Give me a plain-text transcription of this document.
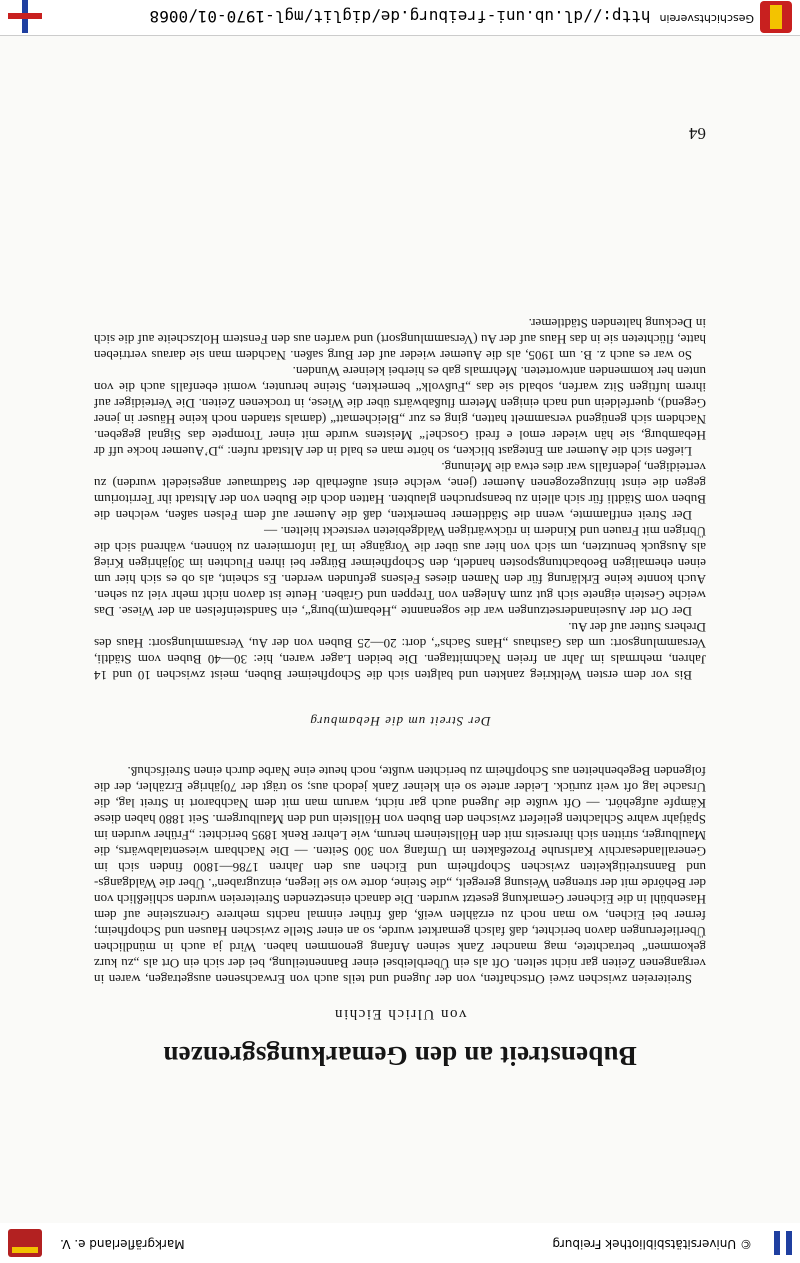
© Universitätsbibliothek Freiburg
Markgräflerland e. V.
Bubenstreit an den Gemarkungsgrenzen
von Ulrich Eichin

Streitereien zwischen zwei Ortschaften, von der Jugend und teils auch von Erwachsenen ausgetragen, waren in vergangenen Zeiten gar nicht selten. Oft als ein Überbleibsel einer Bannenteilung, bei der sich ein Ort als „zu kurz gekommen“ betrachtete, mag mancher Zank seinen Anfang genommen haben. Wird ja auch in mündlichen Überlieferungen davon berichtet, daß falsch gemarktet wurde, so an einer Stelle zwischen Hausen und Schopfheim; ferner bei Eichen, wo man noch zu erzählen weiß, daß früher einmal nachts mehrere Grenzsteine auf dem Hasenbühl in die Eichener Gemarkung gesetzt wurden. Die danach einsetzenden Streitereien wurden schließlich von der Behörde mit der strengen Weisung geregelt, „die Steine, dorte wo sie liegen, einzugraben“. Über die Waldgangs- und Bannstreitigkeiten zwischen Schopfheim und Eichen aus den Jahren 1786—1800 finden sich im Generallandesarchiv Karlsruhe Prozeßakten im Umfang von 300 Seiten. — Die Nachbarn wiesentalabwärts, die Maulburger, stritten sich ihrerseits mit den Höllsteinern herum, wie Lehrer Renk 1895 berichtet: „Früher wurden im Spätjahr wahre Schlachten geliefert zwischen den Buben von Höllstein und den Maulburgern. Seit 1880 haben diese Kämpfe aufgehört. — Oft wußte die Jugend auch gar nicht, warum man mit dem Nachbarort in Streit lag, die Ursache lag oft weit zurück. Leider artete so ein kleiner Zank jedoch aus; so trägt der 70jährige Erzähler, der die folgenden Begebenheiten aus Schopfheim zu berichten wußte, noch heute eine Narbe durch einen Streifschuß.

Der Streit um die Hebamburg

Bis vor dem ersten Weltkrieg zankten und balgten sich die Schopfheimer Buben, meist zwischen 10 und 14 Jahren, mehrmals im Jahr an freien Nachmittagen. Die beiden Lager waren, hie: 30—40 Buben vom Städtli, Versammlungsort: um das Gasthaus „Hans Sachs“, dort: 20—25 Buben von der Au, Versammlungsort: Haus des Drehers Sutter auf der Au.

Der Ort der Auseinandersetzungen war die sogenannte „Hebam(m)burg“, ein Sandsteinfelsen an der Wiese. Das weiche Gestein eignete sich gut zum Anlegen von Treppen und Gräben. Heute ist davon nicht mehr viel zu sehen. Auch konnte keine Erklärung für den Namen dieses Felsens gefunden werden. Es scheint, als ob es sich hier um einen ehemaligen Beobachtungsposten handelt, den Schopfheimer Bürger bei ihren Fluchten im 30jährigen Krieg als Ausguck benutzten, um sich von hier aus über die Vorgänge im Tal informieren zu können, während sich die Übrigen mit Frauen und Kindern in rückwärtigen Waldgebieten versteckt hielten. —

Der Streit entflammte, wenn die Städtlemer bemerkten, daß die Auemer auf dem Felsen saßen, welchen die Buben vom Städtli für sich allein zu beanspruchen glaubten. Hatten doch die Buben von der Altstadt ihr Territorium gegen die einst hinzugezogenen Auemer (jene, welche einst außerhalb der Stadtmauer angesiedelt wurden) zu verteidigen, jedenfalls war dies etwa die Meinung.

Ließen sich die Auemer am Entegast blicken, so hörte man es bald in der Altstadt rufen: „D’Auemer hocke uff dr Hebamburg, sie hän wieder emol e fredi Gosche!“ Meistens wurde mit einer Trompete das Signal gegeben. Nachdem sich genügend versammelt hatten, ging es zur „Bleichematt“ (damals standen noch keine Häuser in jener Gegend), querfeldein und nach einigen Metern flußabwärts über die Wiese, in trockenen Zeiten. Die Verteidiger auf ihrem luftigen Sitz warfen, sobald sie das „Fußvolk“ bemerkten, Steine herunter, womit ebenfalls auch die von unten her kommenden antworteten. Mehrmals gab es hierbei kleinere Wunden.

So war es auch z. B. um 1905, als die Auemer wieder auf der Burg saßen. Nachdem man sie daraus vertrieben hatte, flüchteten sie in das Haus auf der Au (Versammlungsort) und warfen aus den Fenstern Holzscheite auf die sich in Deckung haltenden Städtlemer.

64
Geschichtsverein
http://dl.ub.uni-freiburg.de/diglit/mgl-1970-01/0068
